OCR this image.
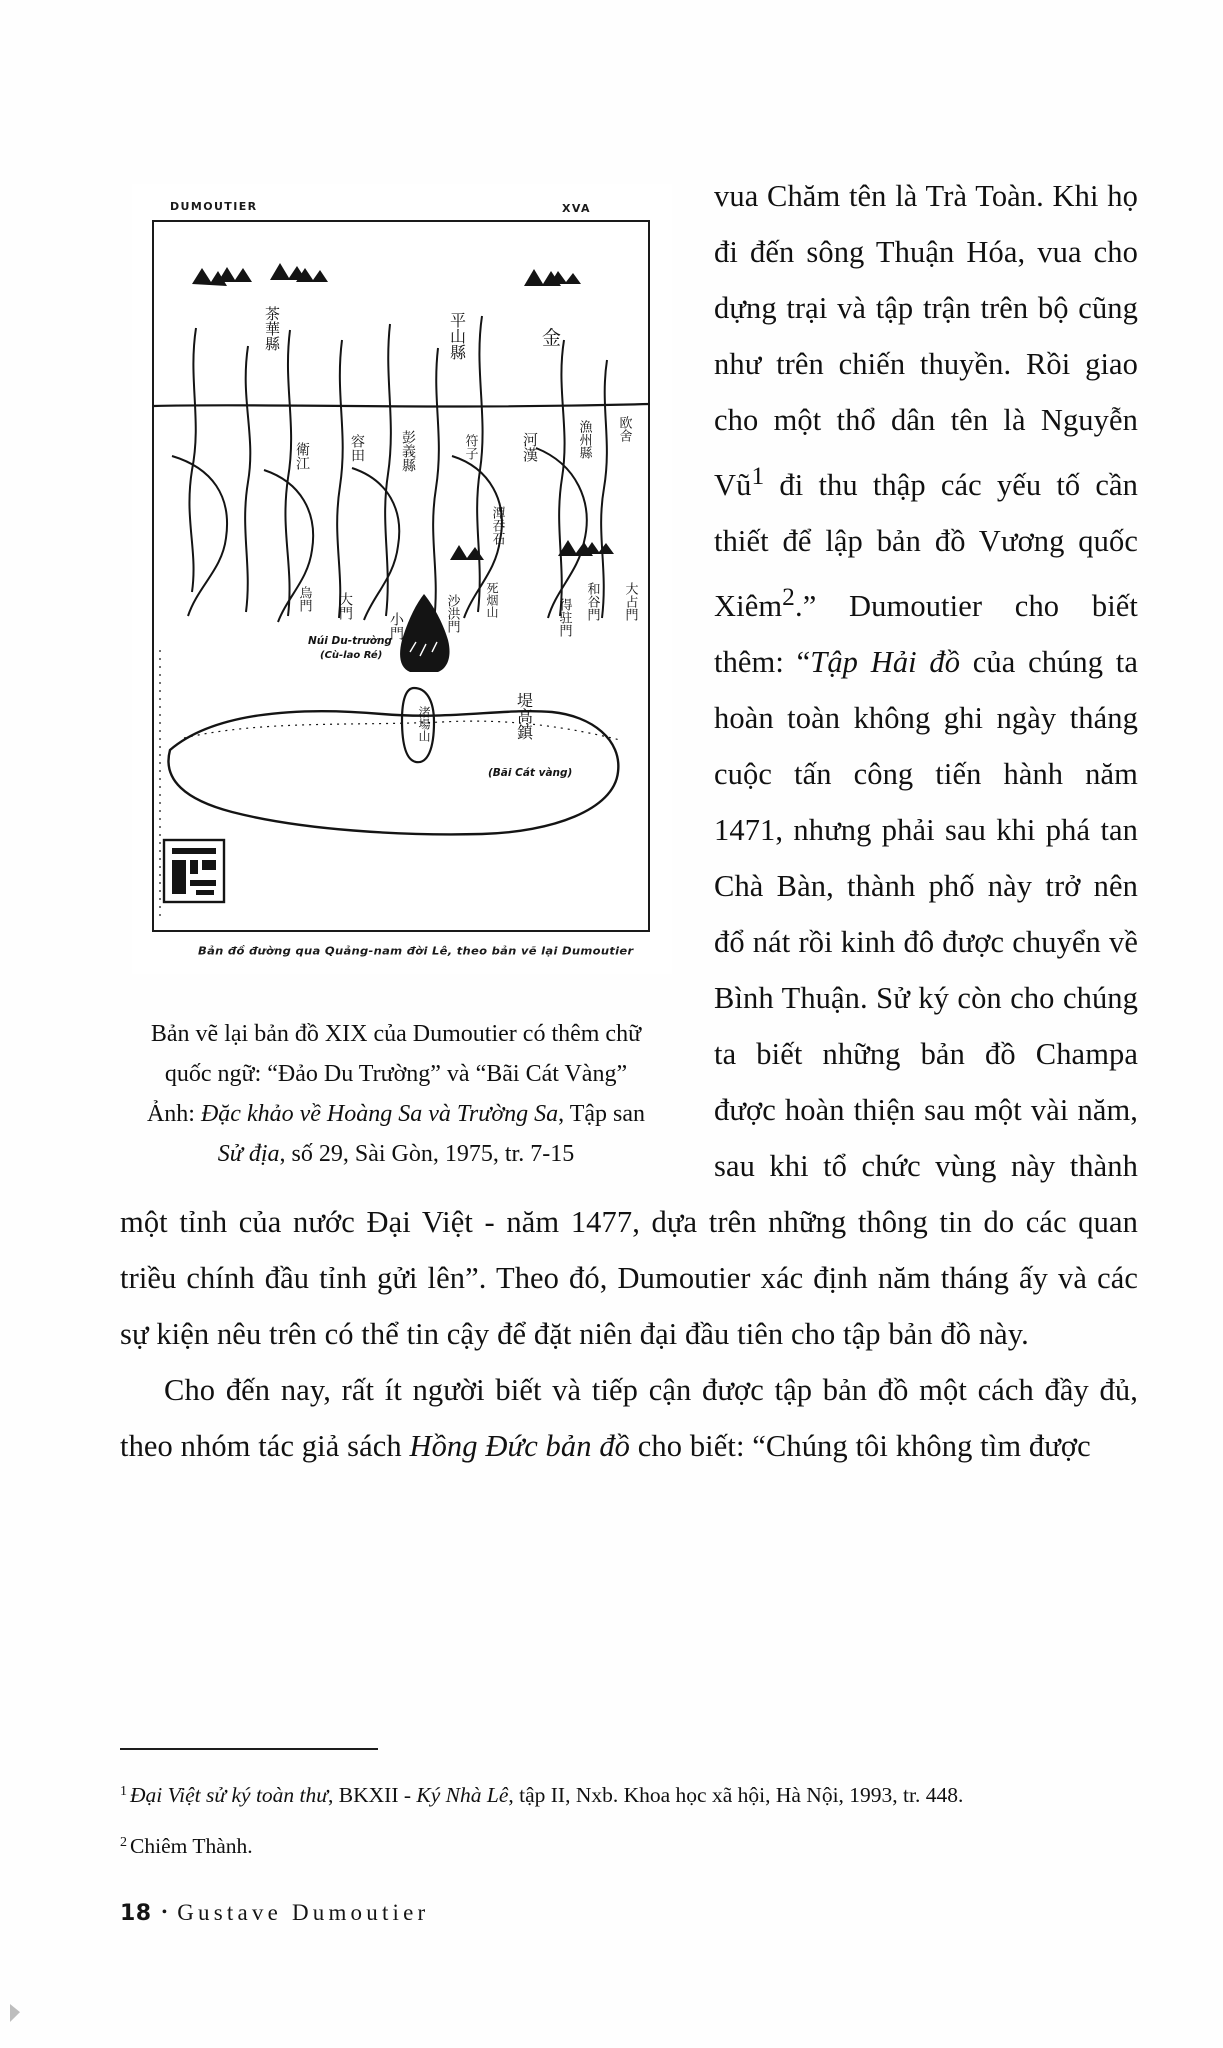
DUMOUTIER	XVA
茶華縣	平山縣	金
衛江	容田	彭義縣	符子	河漢	漁州縣 欧舍
潭吞石
沙洪門 死烟山
大門
小門
烏門	得驻門 和谷門 大占門
渚場山	堤高鎮
Núi Du-trường
(Cù-lao Ré)
(Bãi Cát vàng)
Bản đồ đường qua Quảng-nam đời Lê, theo bản vẽ lại Dumoutier
Bản vẽ lại bản đồ XIX của Dumoutier có thêm chữ
quốc ngữ: “Đảo Du Trường” và “Bãi Cát Vàng”
Ảnh: Đặc khảo về Hoàng Sa và Trường Sa, Tập san
Sử địa, số 29, Sài Gòn, 1975, tr. 7-15

vua Chăm tên là Trà Toàn. Khi họ đi đến sông Thuận Hóa, vua cho dựng trại và tập trận trên bộ cũng như trên chiến thuyền. Rồi giao cho một thổ dân tên là Nguyễn $Vũ^1$ đi thu thập các yếu tố cần thiết để lập bản đồ Vương quốc Xiêm$^2$.” Dumoutier cho biết thêm: “Tập Hải đồ của chúng ta hoàn toàn không ghi ngày tháng cuộc tấn công tiến hành năm 1471, nhưng phải sau khi phá tan Chà Bàn, thành phố này trở nên đổ nát rồi kinh đô được chuyển về Bình Thuận. Sử ký còn cho chúng ta biết những bản đồ Champa được hoàn thiện sau một vài năm, sau khi tổ chức vùng này thành một tỉnh của nước Đại Việt - năm 1477, dựa trên những thông tin do các quan triều chính đầu tỉnh gửi lên”. Theo đó, Dumoutier xác định năm tháng ấy và các sự kiện nêu trên có thể tin cậy để đặt niên đại đầu tiên cho tập bản đồ này.

Cho đến nay, rất ít người biết và tiếp cận được tập bản đồ một cách đầy đủ, theo nhóm tác giả sách Hồng Đức bản đồ cho biết: “Chúng tôi không tìm được

$^1$ Đại Việt sử ký toàn thư, BKXII - Ký Nhà Lê, tập II, Nxb. Khoa học xã hội, Hà Nội, 1993, tr. 448.

$^2$ Chiêm Thành.

18 • Gustave Dumoutier
